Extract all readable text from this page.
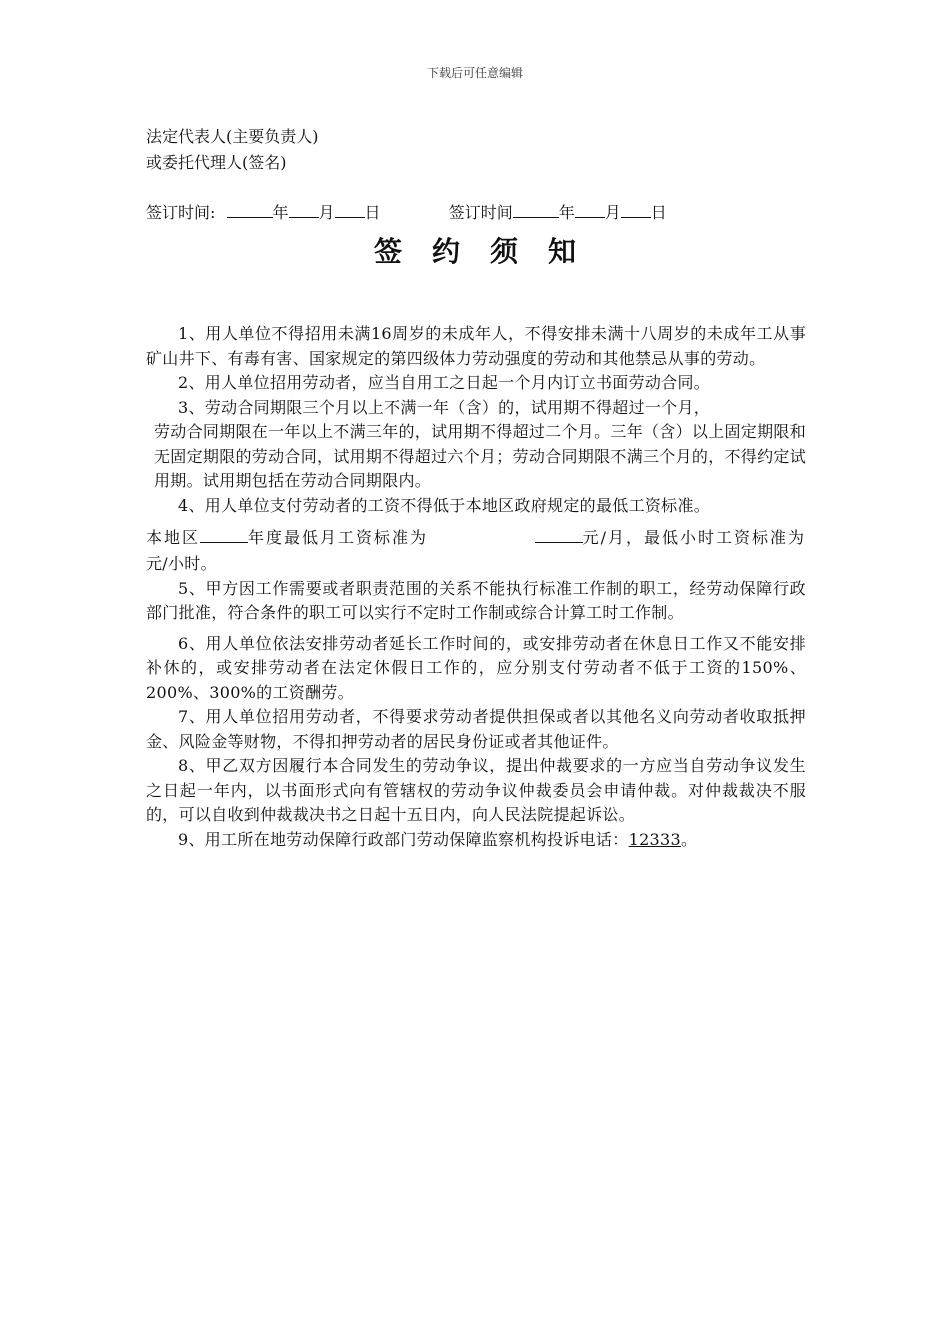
下载后可任意编辑
法定代表人(主要负责人)
或委托代理人(签名)
签订时间:	年 月 日	签订时间	年 月 日
签约须知

1、用人单位不得招用未满16周岁的未成年人，不得安排未满十八周岁的未成年工从事矿山井下、有毒有害、国家规定的第四级体力劳动强度的劳动和其他禁忌从事的劳动。

2、用人单位招用劳动者，应当自用工之日起一个月内订立书面劳动合同。

3、劳动合同期限三个月以上不满一年（含）的，试用期不得超过一个月，

劳动合同期限在一年以上不满三年的，试用期不得超过二个月。三年（含）以上固定期限和无固定期限的劳动合同，试用期不得超过六个月；劳动合同期限不满三个月的，不得约定试用期。试用期包括在劳动合同期限内。

4、用人单位支付劳动者的工资不得低于本地区政府规定的最低工资标准。

本地区	年度最低月工资标准为	元/月，最低小时工资标准为

元/小时。

5、甲方因工作需要或者职责范围的关系不能执行标准工作制的职工，经劳动保障行政部门批准，符合条件的职工可以实行不定时工作制或综合计算工时工作制。

6、用人单位依法安排劳动者延长工作时间的，或安排劳动者在休息日工作又不能安排补休的，或安排劳动者在法定休假日工作的，应分别支付劳动者不低于工资的150%、200%、300%的工资酬劳。

7、用人单位招用劳动者，不得要求劳动者提供担保或者以其他名义向劳动者收取抵押金、风险金等财物，不得扣押劳动者的居民身份证或者其他证件。

8、甲乙双方因履行本合同发生的劳动争议，提出仲裁要求的一方应当自劳动争议发生之日起一年内，以书面形式向有管辖权的劳动争议仲裁委员会申请仲裁。对仲裁裁决不服的，可以自收到仲裁裁决书之日起十五日内，向人民法院提起诉讼。

9、用工所在地劳动保障行政部门劳动保障监察机构投诉电话：12333。
